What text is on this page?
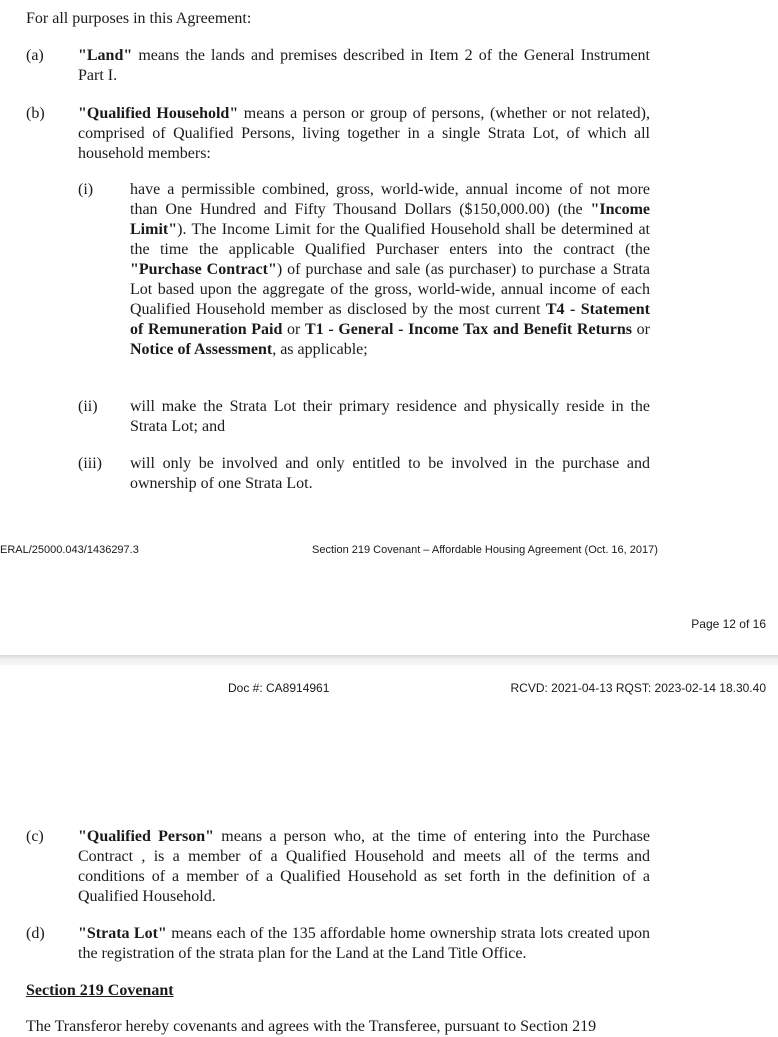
For all purposes in this Agreement:
(a) "Land" means the lands and premises described in Item 2 of the General Instrument Part I.
(b) "Qualified Household" means a person or group of persons, (whether or not related), comprised of Qualified Persons, living together in a single Strata Lot, of which all household members:
(i) have a permissible combined, gross, world-wide, annual income of not more than One Hundred and Fifty Thousand Dollars ($150,000.00) (the "Income Limit"). The Income Limit for the Qualified Household shall be determined at the time the applicable Qualified Purchaser enters into the contract (the "Purchase Contract") of purchase and sale (as purchaser) to purchase a Strata Lot based upon the aggregate of the gross, world-wide, annual income of each Qualified Household member as disclosed by the most current T4 - Statement of Remuneration Paid or T1 - General - Income Tax and Benefit Returns or Notice of Assessment, as applicable;
(ii) will make the Strata Lot their primary residence and physically reside in the Strata Lot; and
(iii) will only be involved and only entitled to be involved in the purchase and ownership of one Strata Lot.
ERAL/25000.043/1436297.3	Section 219 Covenant – Affordable Housing Agreement (Oct. 16, 2017)
Page 12 of 16
Doc #: CA8914961	RCVD: 2021-04-13 RQST: 2023-02-14 18.30.40
(c) "Qualified Person" means a person who, at the time of entering into the Purchase Contract , is a member of a Qualified Household and meets all of the terms and conditions of a member of a Qualified Household as set forth in the definition of a Qualified Household.
(d) "Strata Lot" means each of the 135 affordable home ownership strata lots created upon the registration of the strata plan for the Land at the Land Title Office.
Section 219 Covenant
The Transferor hereby covenants and agrees with the Transferee, pursuant to Section 219
